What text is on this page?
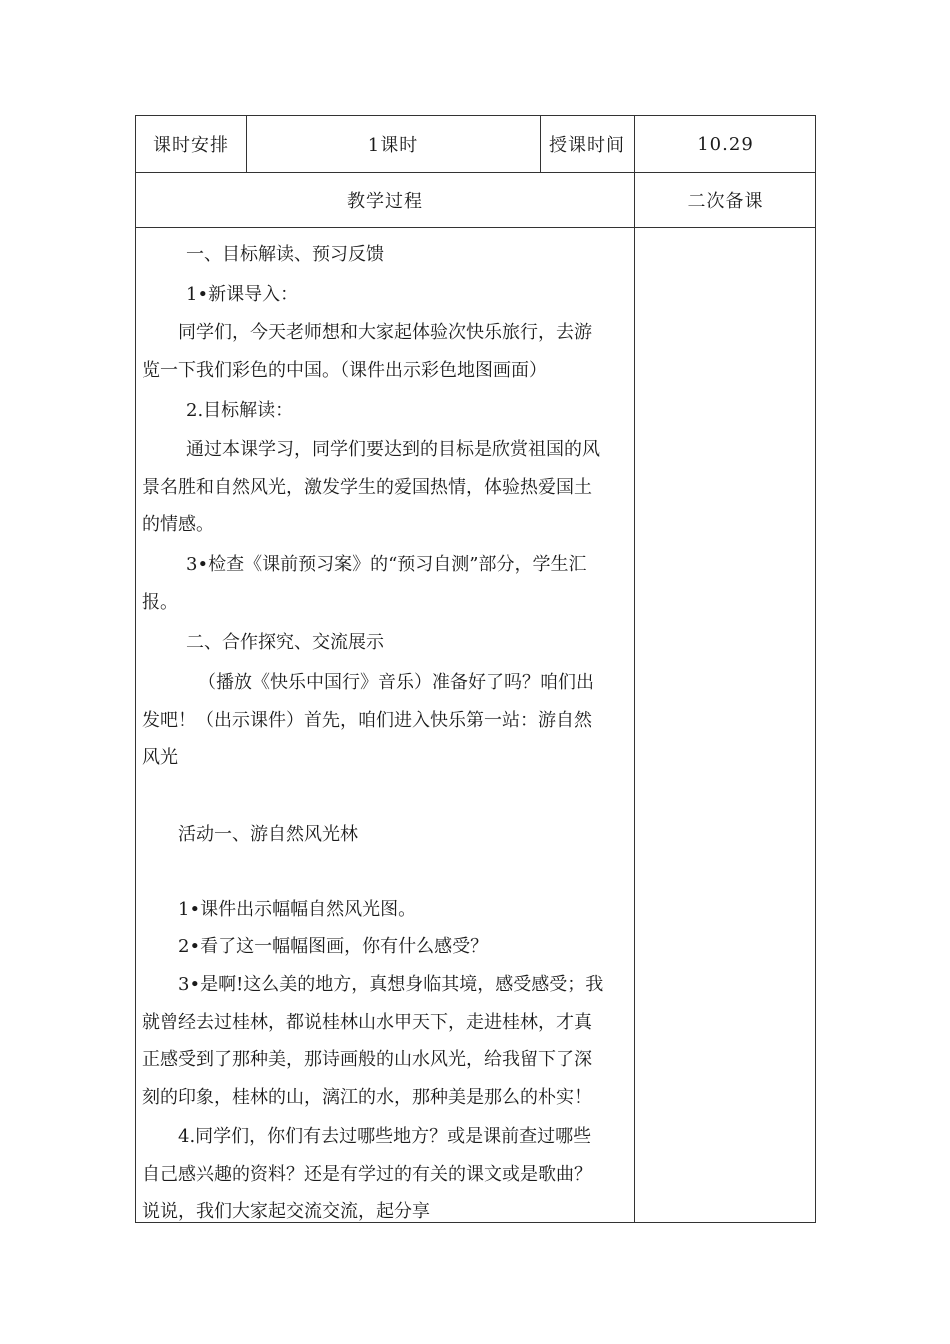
课时安排	1课时	授课时间	10.29
教学过程	二次备课
一、目标解读、预习反馈
1•新课导入：
同学们，今天老师想和大家起体验次快乐旅行，去游
览一下我们彩色的中国。（课件出示彩色地图画面）
2.目标解读：
通过本课学习，同学们要达到的目标是欣赏祖国的风
景名胜和自然风光，激发学生的爱国热情，体验热爱国土
的情感。
3•检查《课前预习案》的“预习自测”部分，学生汇
报。
二、合作探究、交流展示
（播放《快乐中国行》音乐）准备好了吗？咱们出
发吧！（出示课件）首先，咱们进入快乐第一站：游自然
风光
活动一、游自然风光林
1•课件出示幅幅自然风光图。
2•看了这一幅幅图画，你有什么感受？
3•是啊!这么美的地方，真想身临其境，感受感受；我
就曾经去过桂林，都说桂林山水甲天下，走进桂林，才真
正感受到了那种美，那诗画般的山水风光，给我留下了深
刻的印象，桂林的山，漓江的水，那种美是那么的朴实！
4.同学们，你们有去过哪些地方？或是课前查过哪些
自己感兴趣的资料？还是有学过的有关的课文或是歌曲？
说说，我们大家起交流交流，起分享
